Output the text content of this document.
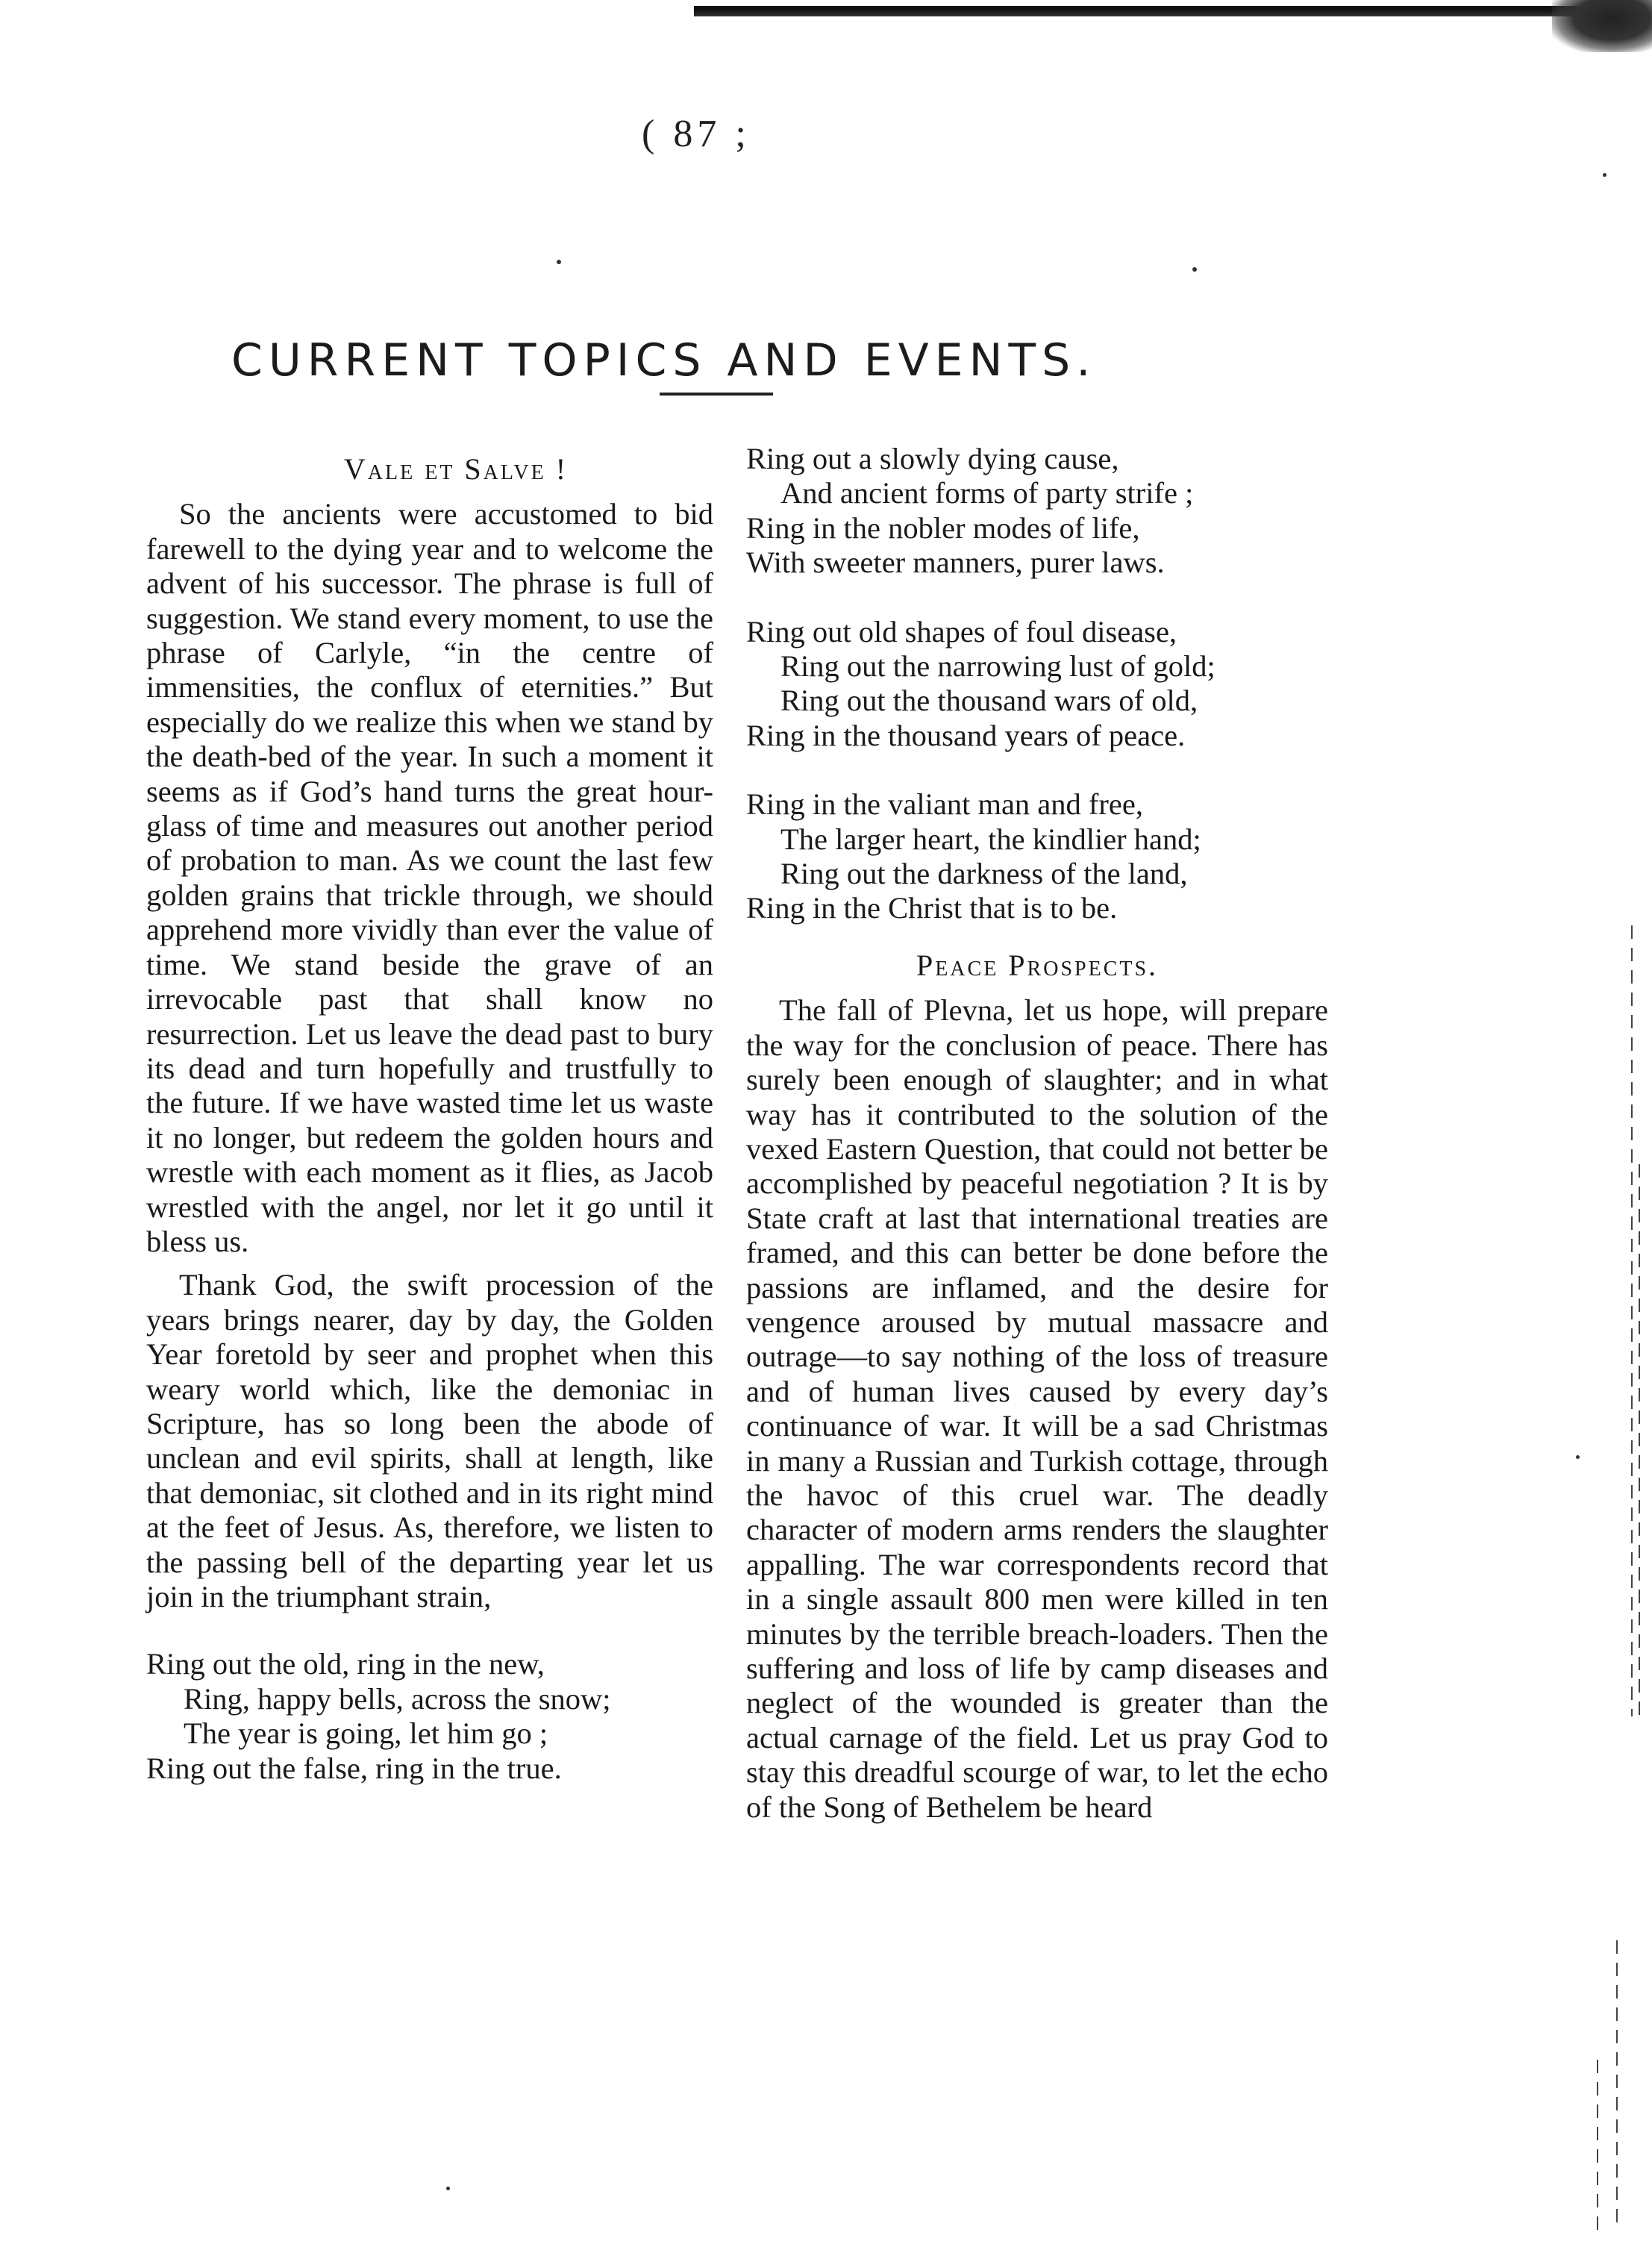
( 87 ;
CURRENT TOPICS AND EVENTS.
Vale et Salve !

So the ancients were accustomed to bid farewell to the dying year and to welcome the advent of his successor. The phrase is full of suggestion. We stand every moment, to use the phrase of Carlyle, “in the centre of immensities, the conflux of eternities.” But especially do we realize this when we stand by the death-bed of the year. In such a moment it seems as if God’s hand turns the great hour-glass of time and measures out another period of probation to man. As we count the last few golden grains that trickle through, we should apprehend more vividly than ever the value of time. We stand beside the grave of an irrevocable past that shall know no resurrection. Let us leave the dead past to bury its dead and turn hopefully and trustfully to the future. If we have wasted time let us waste it no longer, but redeem the golden hours and wrestle with each moment as it flies, as Jacob wrestled with the angel, nor let it go until it bless us.

Thank God, the swift procession of the years brings nearer, day by day, the Golden Year foretold by seer and prophet when this weary world which, like the demoniac in Scripture, has so long been the abode of unclean and evil spirits, shall at length, like that demoniac, sit clothed and in its right mind at the feet of Jesus. As, therefore, we listen to the passing bell of the departing year let us join in the triumphant strain,

Ring out the old, ring in the new,
Ring, happy bells, across the snow;
The year is going, let him go ;
Ring out the false, ring in the true.
Ring out a slowly dying cause,
And ancient forms of party strife ;
Ring in the nobler modes of life,
With sweeter manners, purer laws.
Ring out old shapes of foul disease,
Ring out the narrowing lust of gold;
Ring out the thousand wars of old,
Ring in the thousand years of peace.
Ring in the valiant man and free,
The larger heart, the kindlier hand;
Ring out the darkness of the land,
Ring in the Christ that is to be.
Peace Prospects.

The fall of Plevna, let us hope, will prepare the way for the conclusion of peace. There has surely been enough of slaughter; and in what way has it contributed to the solution of the vexed Eastern Question, that could not better be accomplished by peaceful negotiation ? It is by State craft at last that international treaties are framed, and this can better be done before the passions are inflamed, and the desire for vengence aroused by mutual massacre and outrage—to say nothing of the loss of treasure and of human lives caused by every day’s continuance of war. It will be a sad Christmas in many a Russian and Turkish cottage, through the havoc of this cruel war. The deadly character of modern arms renders the slaughter appalling. The war correspondents record that in a single assault 800 men were killed in ten minutes by the terrible breach-loaders. Then the suffering and loss of life by camp diseases and neglect of the wounded is greater than the actual carnage of the field. Let us pray God to stay this dreadful scourge of war, to let the echo of the Song of Bethelem be heard
